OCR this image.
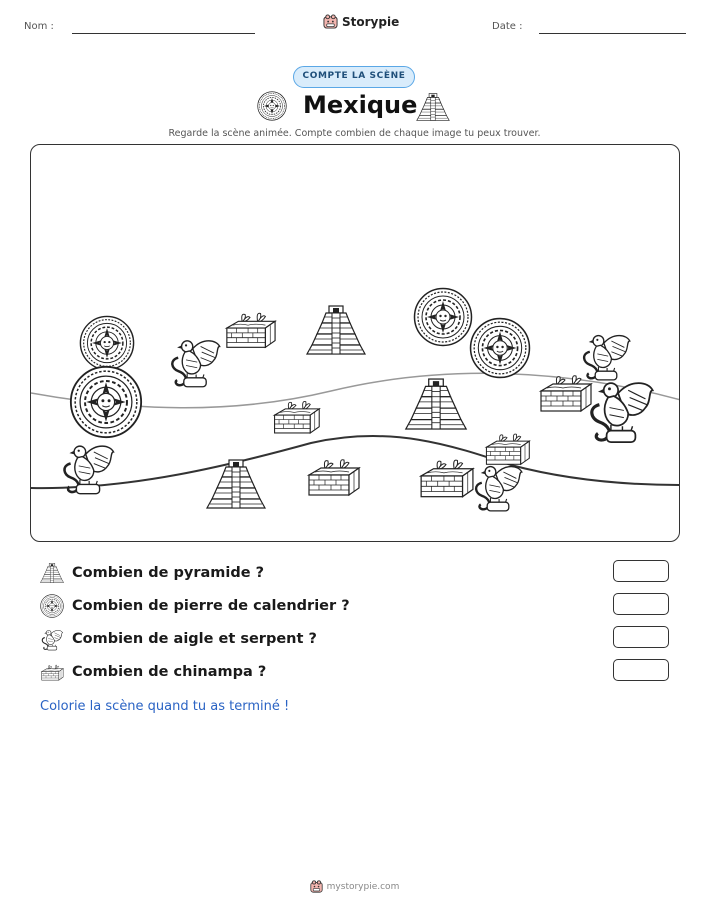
Nom :	Storypie	Date :
COMPTE LA SCÈNE
Mexique
Regarde la scène animée. Compte combien de chaque image tu peux trouver.
Combien de pyramide ?
Combien de pierre de calendrier ?
Combien de aigle et serpent ?
Combien de chinampa ?
Colorie la scène quand tu as terminé !
mystorypie.com
